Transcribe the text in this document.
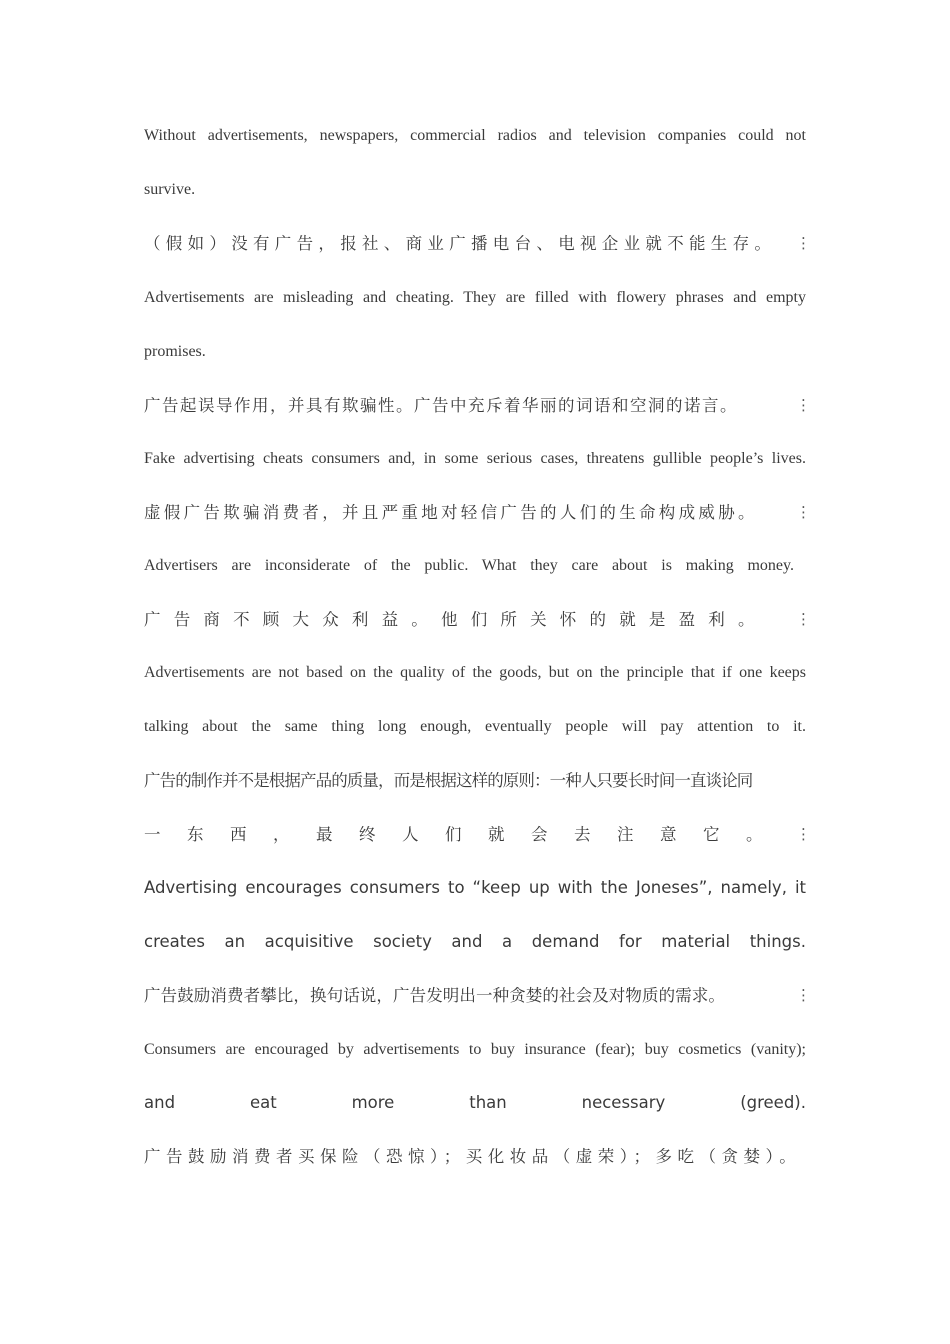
Without advertisements, newspapers, commercial radios and television companies could not
survive.
（假如）没有广告，报社、商业广播电台、电视企业就不能生存。	⋮
Advertisements are misleading and cheating. They are filled with flowery phrases and empty
promises.
广告起误导作用，并具有欺骗性。广告中充斥着华丽的词语和空洞的诺言。	⋮
Fake advertising cheats consumers and, in some serious cases, threatens gullible people’s lives.
虚假广告欺骗消费者，并且严重地对轻信广告的人们的生命构成威胁。	⋮
Advertisers are inconsiderate of the public. What they care about is making money.
广告商不顾大众利益。他们所关怀的就是盈利。	⋮
Advertisements are not based on the quality of the goods, but on the principle that if one keeps
talking about the same thing long enough, eventually people will pay attention to it.
广告的制作并不是根据产品的质量，而是根据这样的原则：一种人只要长时间一直谈论同
一东西，最终人们就会去注意它。 ⋮
Advertising encourages consumers to “keep up with the Joneses”, namely, it
creates an acquisitive society and a demand for material things.
广告鼓励消费者攀比，换句话说，广告发明出一种贪婪的社会及对物质的需求。	⋮
Consumers are encouraged by advertisements to buy insurance (fear); buy cosmetics (vanity);
and eat more than necessary (greed).
广告鼓励消费者买保险（恐惊）；买化妆品（虚荣）；多吃（贪婪）。
